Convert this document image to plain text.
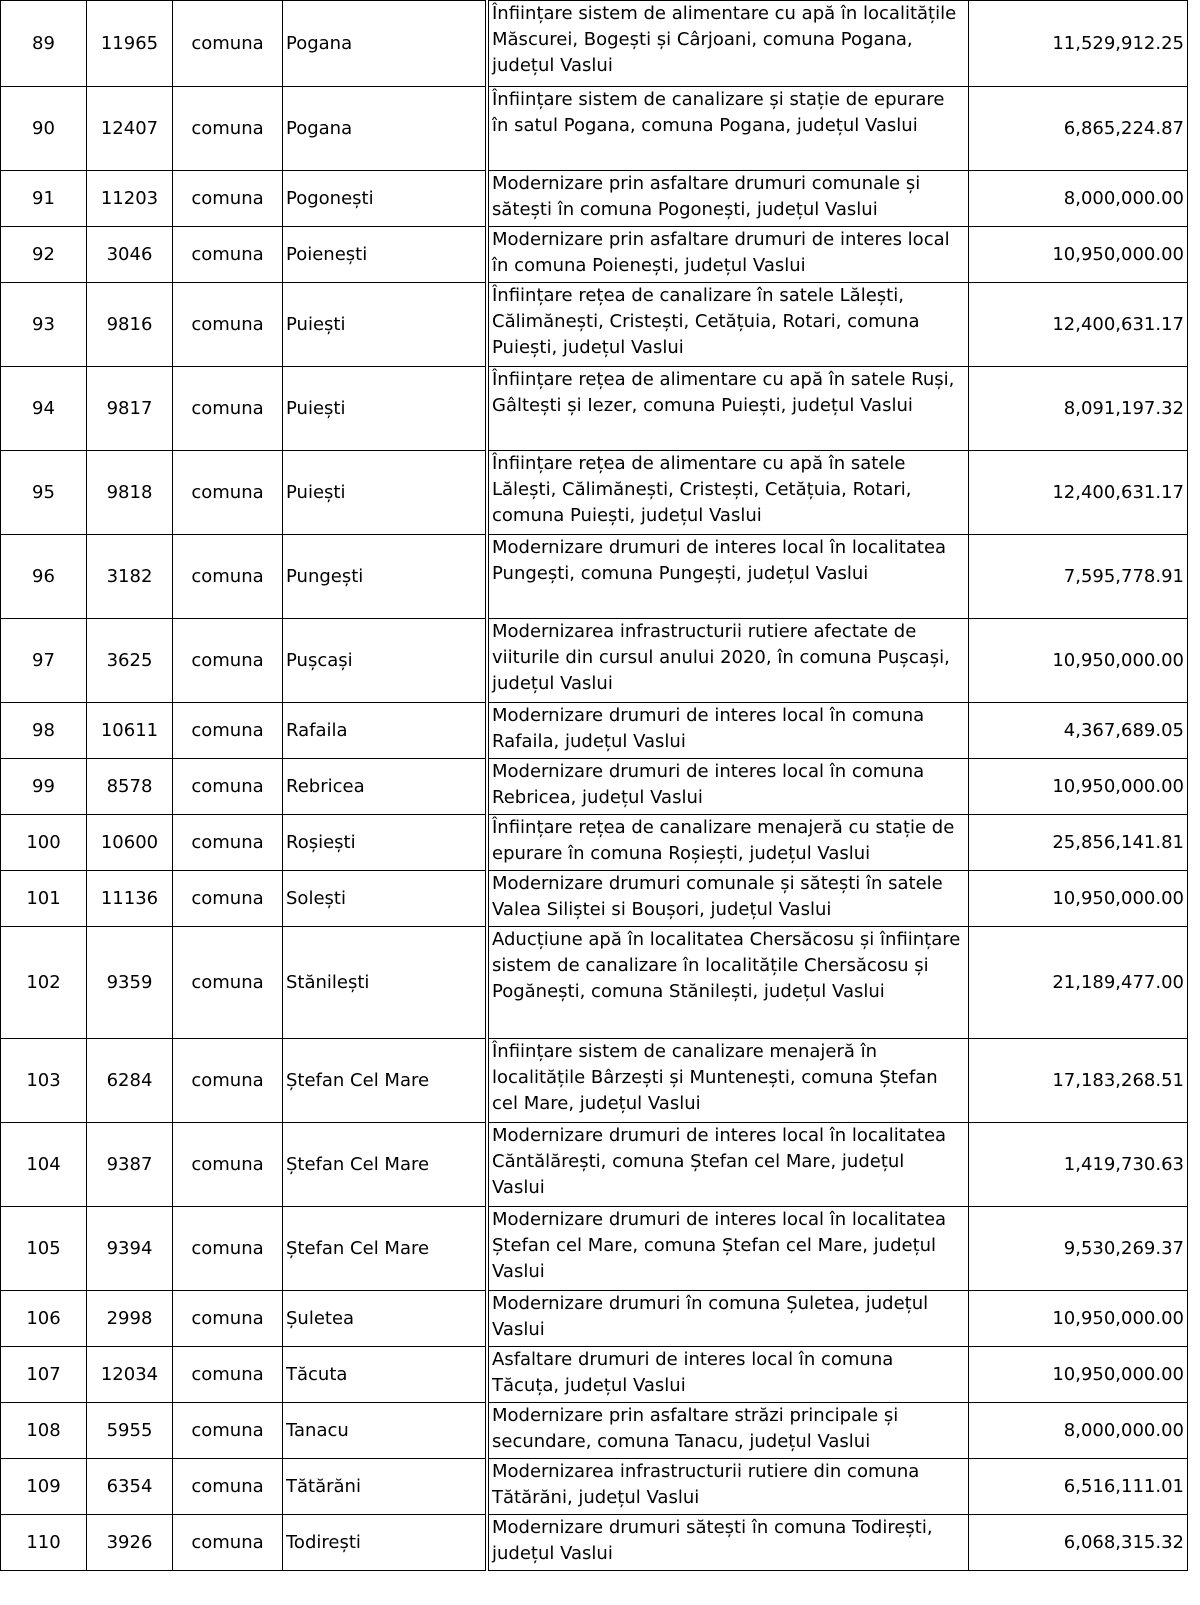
89	11965	comuna	Pogana		Înființare sistem de alimentare cu apă în localitățile
Măscurei, Bogești și Cârjoani, comuna Pogana,
județul Vaslui	11,529,912.25
90	12407	comuna	Pogana		Înființare sistem de canalizare și stație de epurare
în satul Pogana, comuna Pogana, județul Vaslui	6,865,224.87
91	11203	comuna	Pogonești		Modernizare prin asfaltare drumuri comunale și
sătești în comuna Pogonești, județul Vaslui	8,000,000.00
92	3046	comuna	Poienești		Modernizare prin asfaltare drumuri de interes local
în comuna Poienești, județul Vaslui	10,950,000.00
93	9816	comuna	Puiești		Înființare rețea de canalizare în satele Lălești,
Călimănești, Cristești, Cetățuia, Rotari, comuna
Puiești, județul Vaslui	12,400,631.17
94	9817	comuna	Puiești		Înființare rețea de alimentare cu apă în satele Ruși,
Gâltești și Iezer, comuna Puiești, județul Vaslui	8,091,197.32
95	9818	comuna	Puiești		Înființare rețea de alimentare cu apă în satele
Lălești, Călimănești, Cristești, Cetățuia, Rotari,
comuna Puiești, județul Vaslui	12,400,631.17
96	3182	comuna	Pungești		Modernizare drumuri de interes local în localitatea
Pungești, comuna Pungești, județul Vaslui	7,595,778.91
97	3625	comuna	Pușcași		Modernizarea infrastructurii rutiere afectate de
viiturile din cursul anului 2020, în comuna Pușcași,
județul Vaslui	10,950,000.00
98	10611	comuna	Rafaila		Modernizare drumuri de interes local în comuna
Rafaila, județul Vaslui	4,367,689.05
99	8578	comuna	Rebricea		Modernizare drumuri de interes local în comuna
Rebricea, județul Vaslui	10,950,000.00
100	10600	comuna	Roșiești		Înființare rețea de canalizare menajeră cu stație de
epurare în comuna Roșiești, județul Vaslui	25,856,141.81
101	11136	comuna	Solești		Modernizare drumuri comunale și sătești în satele
Valea Siliștei si Boușori, județul Vaslui	10,950,000.00
102	9359	comuna	Stănilești		Aducțiune apă în localitatea Chersăcosu și înființare
sistem de canalizare în localitățile Chersăcosu și
Pogănești, comuna Stănilești, județul Vaslui	21,189,477.00
103	6284	comuna	Ștefan Cel Mare		Înființare sistem de canalizare menajeră în
localitățile Bârzești și Muntenești, comuna Ștefan
cel Mare, județul Vaslui	17,183,268.51
104	9387	comuna	Ștefan Cel Mare		Modernizare drumuri de interes local în localitatea
Căntălărești, comuna Ștefan cel Mare, județul
Vaslui	1,419,730.63
105	9394	comuna	Ștefan Cel Mare		Modernizare drumuri de interes local în localitatea
Ștefan cel Mare, comuna Ștefan cel Mare, județul
Vaslui	9,530,269.37
106	2998	comuna	Șuletea		Modernizare drumuri în comuna Șuletea, județul
Vaslui	10,950,000.00
107	12034	comuna	Tăcuta		Asfaltare drumuri de interes local în comuna
Tăcuța, județul Vaslui	10,950,000.00
108	5955	comuna	Tanacu		Modernizare prin asfaltare străzi principale și
secundare, comuna Tanacu, județul Vaslui	8,000,000.00
109	6354	comuna	Tătărăni		Modernizarea infrastructurii rutiere din comuna
Tătărăni, județul Vaslui	6,516,111.01
110	3926	comuna	Todirești		Modernizare drumuri sătești în comuna Todirești,
județul Vaslui	6,068,315.32
